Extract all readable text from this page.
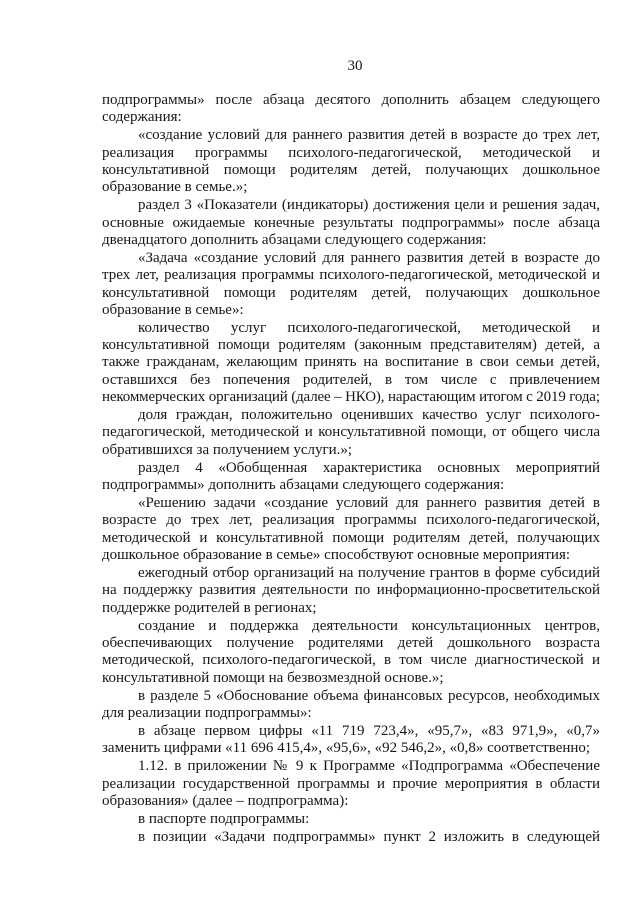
30
подпрограммы» после абзаца десятого дополнить абзацем следующего
содержания:
«создание условий для раннего развития детей в возрасте до трех лет,
реализация программы психолого-педагогической, методической и
консультативной помощи родителям детей, получающих дошкольное
образование в семье.»;
раздел 3 «Показатели (индикаторы) достижения цели и решения задач,
основные ожидаемые конечные результаты подпрограммы» после абзаца
двенадцатого дополнить абзацами следующего содержания:
«Задача «создание условий для раннего развития детей в возрасте до
трех лет, реализация программы психолого-педагогической, методической и
консультативной помощи родителям детей, получающих дошкольное
образование в семье»:
количество услуг психолого-педагогической, методической и
консультативной помощи родителям (законным представителям) детей, а
также гражданам, желающим принять на воспитание в свои семьи детей,
оставшихся без попечения родителей, в том числе с привлечением
некоммерческих организаций (далее – НКО), нарастающим итогом с 2019 года;
доля граждан, положительно оценивших качество услуг психолого-
педагогической, методической и консультативной помощи, от общего числа
обратившихся за получением услуги.»;
раздел 4 «Обобщенная характеристика основных мероприятий
подпрограммы» дополнить абзацами следующего содержания:
«Решению задачи «создание условий для раннего развития детей в
возрасте до трех лет, реализация программы психолого-педагогической,
методической и консультативной помощи родителям детей, получающих
дошкольное образование в семье» способствуют основные мероприятия:
ежегодный отбор организаций на получение грантов в форме субсидий
на поддержку развития деятельности по информационно-просветительской
поддержке родителей в регионах;
создание и поддержка деятельности консультационных центров,
обеспечивающих получение родителями детей дошкольного возраста
методической, психолого-педагогической, в том числе диагностической и
консультативной помощи на безвозмездной основе.»;
в разделе 5 «Обоснование объема финансовых ресурсов, необходимых
для реализации подпрограммы»:
в абзаце первом цифры «11 719 723,4», «95,7», «83 971,9», «0,7»
заменить цифрами «11 696 415,4», «95,6», «92 546,2», «0,8» соответственно;
1.12. в приложении № 9 к Программе «Подпрограмма «Обеспечение
реализации государственной программы и прочие мероприятия в области
образования» (далее – подпрограмма):
в паспорте подпрограммы:
в позиции «Задачи подпрограммы» пункт 2 изложить в следующей
